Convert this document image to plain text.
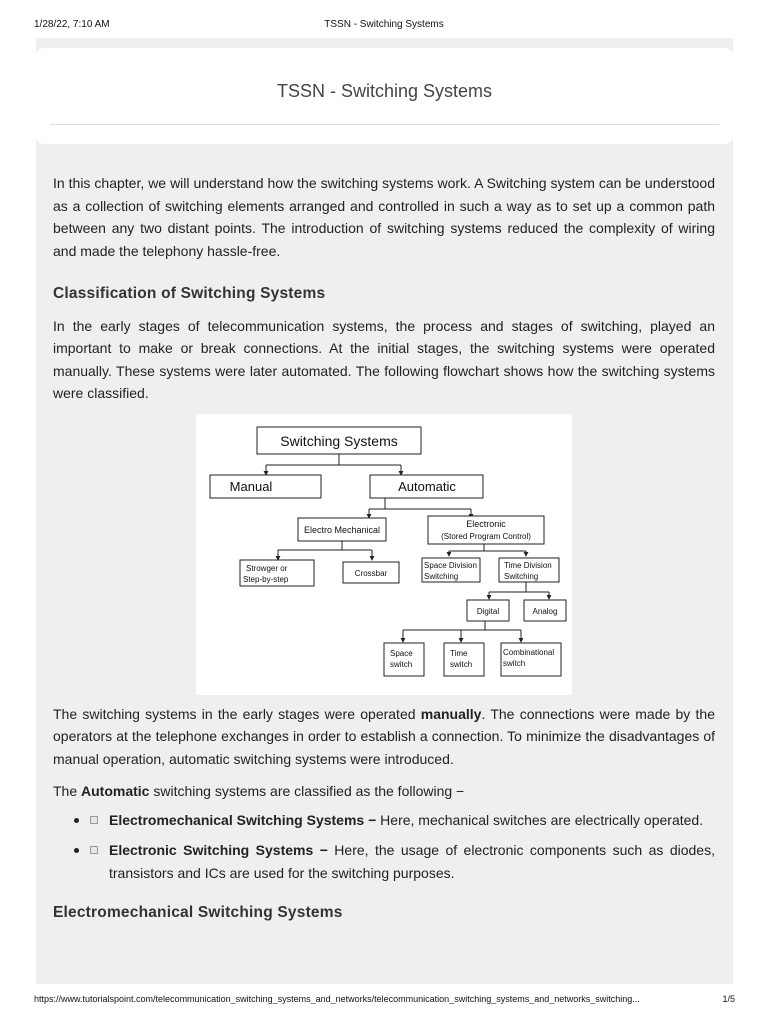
1/28/22, 7:10 AM	TSSN - Switching Systems
TSSN - Switching Systems

In this chapter, we will understand how the switching systems work. A Switching system can be understood as a collection of switching elements arranged and controlled in such a way as to set up a common path between any two distant points. The introduction of switching systems reduced the complexity of wiring and made the telephony hassle-free.

Classification of Switching Systems

In the early stages of telecommunication systems, the process and stages of switching, played an important to make or break connections. At the initial stages, the switching systems were operated manually. These systems were later automated. The following flowchart shows how the switching systems were classified.

Switching Systems
Manual	Automatic
Electro Mechanical
Electronic
(Stored Program Control)
Strowger or
Step-by-step
Crossbar
Space Division
Switching
Time Division
Switching
Digital	Analog
Space
switch
Time
switch
Combinational
switch

The switching systems in the early stages were operated manually. The connections were made by the operators at the telephone exchanges in order to establish a connection. To minimize the disadvantages of manual operation, automatic switching systems were introduced.

The Automatic switching systems are classified as the following −

Electromechanical Switching Systems − Here, mechanical switches are electrically operated.
Electronic Switching Systems − Here, the usage of electronic components such as diodes, transistors and ICs are used for the switching purposes.
Electromechanical Switching Systems
https://www.tutorialspoint.com/telecommunication_switching_systems_and_networks/telecommunication_switching_systems_and_networks_switching...	1/5
